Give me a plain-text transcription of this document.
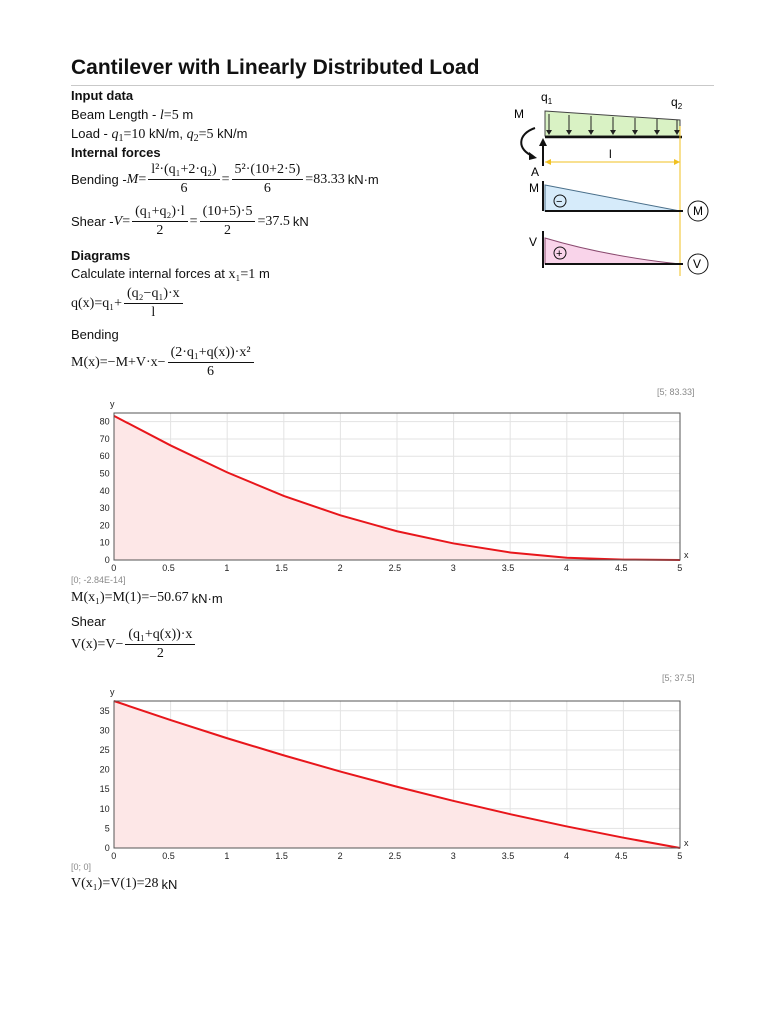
Cantilever with Linearly Distributed Load
Input data
Beam Length - l=5 m
Load - $q_1=10$ kN/m, $q_2=5$ kN/m
Internal forces
Bending - $M= \frac{\text{l²·(q₁+2·q₂)}}{6} = \frac{\text{5²·(10+2·5)}}{6} =83.33$ kN·m
Shear - $V= \frac{\text{(q₁+q₂)·l}}{2} = \frac{(10+5)\cdot 5}{2} =37.5$ kN
Diagrams
Calculate internal forces at x₁=1 m
$q(x)=q_1+ \frac{\text{(q₂−q₁)·x}}{l}$
Bending
$M(x)=-M+V\cdot x- \frac{\text{(2·q₁+q(x))·x²}}{6}$
[5; 83.33]
0	0.5	1	1.5	2	2.5	3	3.5	4	4.5	5
0
10
20
30
40
50
60
70
80
x
y
[0; -2.84E-14]
M(x₁)=M(1)=−50.67 kN·m
Shear
$V(x)=V- \frac{\text{(q₁+q(x))·x}}{2}$
[5; 37.5]
0	0.5	1	1.5	2	2.5	3	3.5	4	4.5	5
0
5
10
15
20
25
30
35
x
y
[0; 0]
V(x₁)=V(1)=28 kN
$q_1$	$q_2$
M
l
A
M
−
M
V
+
V
